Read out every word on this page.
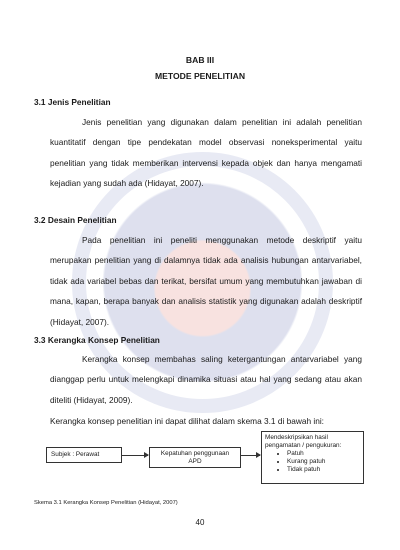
BAB III
METODE PENELITIAN
3.1 Jenis Penelitian
Jenis penelitian yang digunakan dalam penelitian ini adalah penelitian kuantitatif dengan tipe pendekatan model observasi noneksperimental yaitu penelitian yang tidak memberikan intervensi kepada objek dan hanya mengamati kejadian yang sudah ada (Hidayat, 2007).
3.2 Desain Penelitian
Pada penelitian ini peneliti menggunakan metode deskriptif yaitu merupakan penelitian yang di dalamnya tidak ada analisis hubungan antarvariabel, tidak ada variabel bebas dan terikat, bersifat umum yang membutuhkan jawaban di mana, kapan, berapa banyak dan analisis statistik yang digunakan adalah deskriptif (Hidayat, 2007).
3.3 Kerangka Konsep Penelitian
Kerangka konsep membahas saling ketergantungan antarvariabel yang dianggap perlu untuk melengkapi dinamika situasi atau hal yang sedang atau akan diteliti (Hidayat, 2009).
Kerangka konsep penelitian ini dapat dilihat dalam skema 3.1 di bawah ini:
Subjek : Perawat	Kepatuhan penggunaan APD
Mendeskripsikan hasil pengamatan / pengukuran:
• Patuh
• Kurang patuh
• Tidak patuh
Skema 3.1 Kerangka Konsep Penelitian (Hidayat, 2007)
40
